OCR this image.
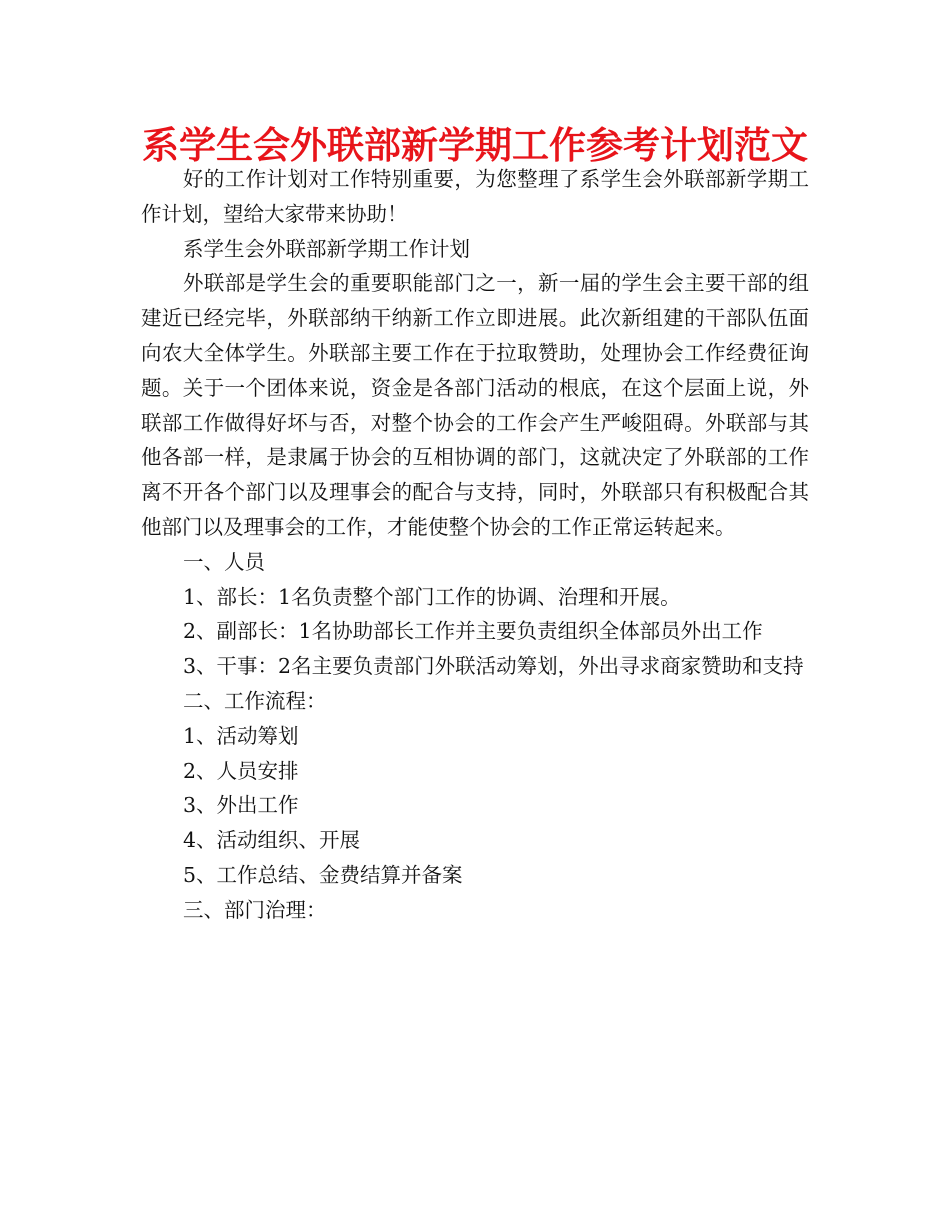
系学生会外联部新学期工作参考计划范文

好的工作计划对工作特别重要，为您整理了系学生会外联部新学期工作计划，望给大家带来协助！

系学生会外联部新学期工作计划

外联部是学生会的重要职能部门之一，新一届的学生会主要干部的组建近已经完毕，外联部纳干纳新工作立即进展。此次新组建的干部队伍面向农大全体学生。外联部主要工作在于拉取赞助，处理协会工作经费征询题。关于一个团体来说，资金是各部门活动的根底，在这个层面上说，外联部工作做得好坏与否，对整个协会的工作会产生严峻阻碍。外联部与其他各部一样，是隶属于协会的互相协调的部门，这就决定了外联部的工作离不开各个部门以及理事会的配合与支持，同时，外联部只有积极配合其他部门以及理事会的工作，才能使整个协会的工作正常运转起来。

一、人员

1、部长：1名负责整个部门工作的协调、治理和开展。

2、副部长：1名协助部长工作并主要负责组织全体部员外出工作

3、干事：2名主要负责部门外联活动筹划，外出寻求商家赞助和支持

二、工作流程：

1、活动筹划

2、人员安排

3、外出工作

4、活动组织、开展

5、工作总结、金费结算并备案

三、部门治理：
